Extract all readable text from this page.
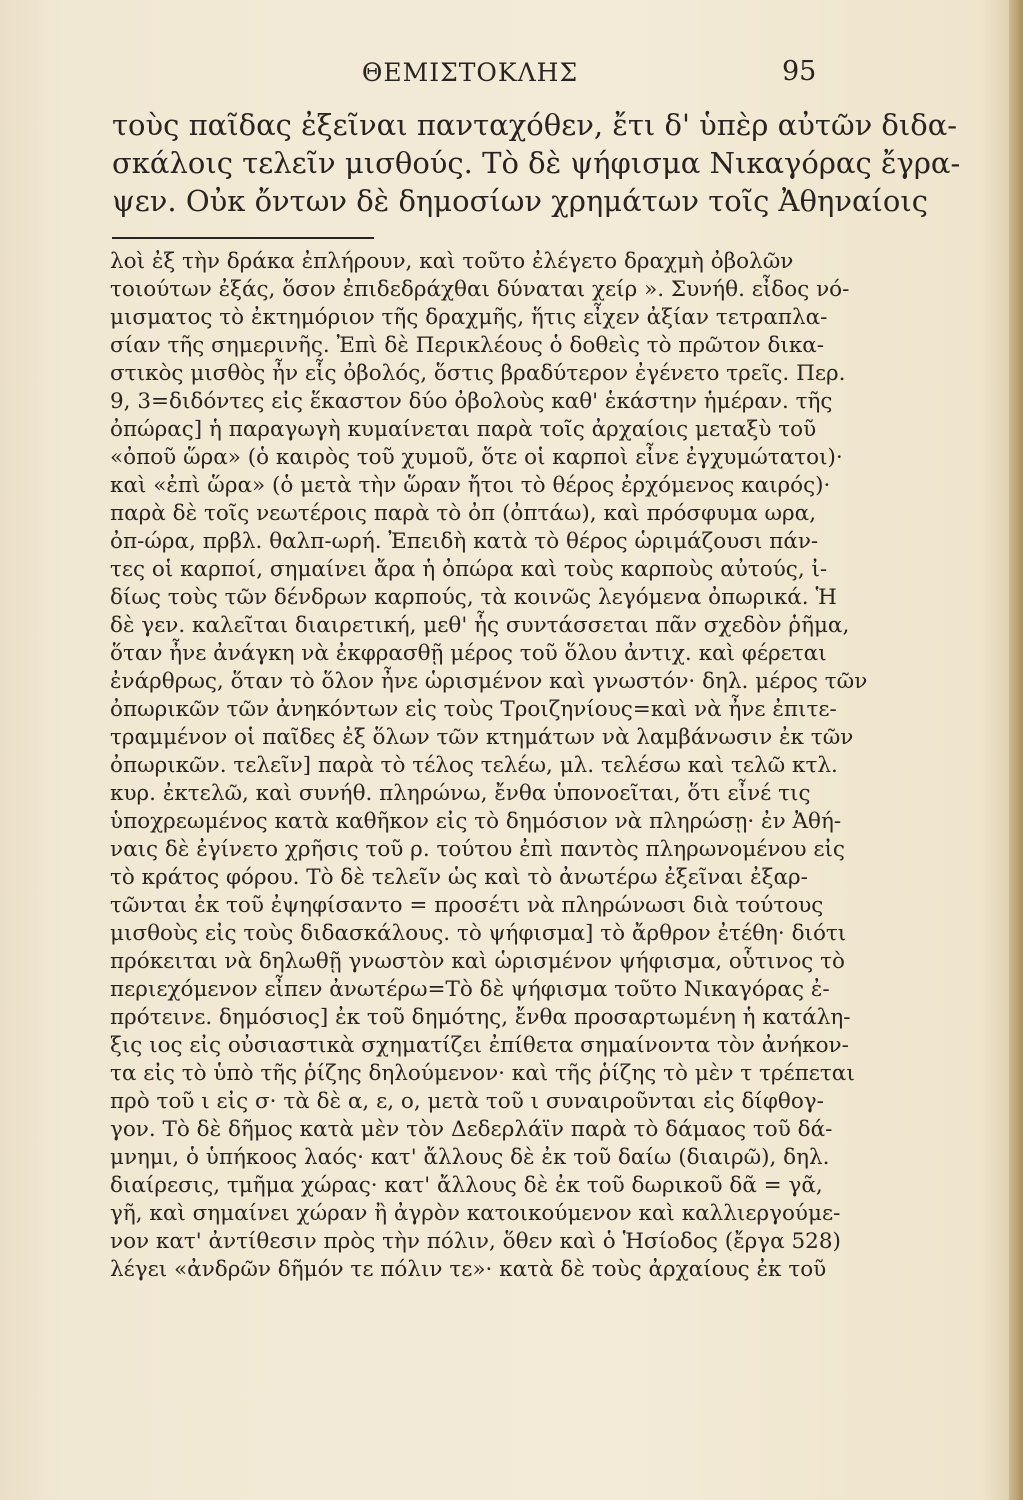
ΘΕΜΙΣΤΟΚΛΗΣ	95
τοὺς παῖδας ἐξεῖναι πανταχόθεν, ἔτι δ' ὑπὲρ αὐτῶν διδα-
σκάλοις τελεῖν μισθούς. Τὸ δὲ ψήφισμα Νικαγόρας ἔγρα-
ψεν. Οὐκ ὄντων δὲ δημοσίων χρημάτων τοῖς Ἀθηναίοις
λοὶ ἐξ τὴν δράκα ἐπλήρουν, καὶ τοῦτο ἐλέγετο δραχμὴ ὀβολῶν
τοιούτων ἐξάς, ὅσον ἐπιδεδράχθαι δύναται χείρ ». Συνήθ. εἶδος νό-
μισματος τὸ ἐκτημόριον τῆς δραχμῆς, ἥτις εἶχεν ἀξίαν τετραπλα-
σίαν τῆς σημερινῆς. Ἐπὶ δὲ Περικλέους ὁ δοθεὶς τὸ πρῶτον δικα-
στικὸς μισθὸς ἦν εἷς ὀβολός, ὅστις βραδύτερον ἐγένετο τρεῖς. Περ.
9, 3=διδόντες εἰς ἕκαστον δύο ὀβολοὺς καθ' ἑκάστην ἡμέραν. τῆς
ὀπώρας] ἡ παραγωγὴ κυμαίνεται παρὰ τοῖς ἀρχαίοις μεταξὺ τοῦ
«ὀποῦ ὥρα» (ὁ καιρὸς τοῦ χυμοῦ, ὅτε οἱ καρποὶ εἶνε ἐγχυμώτατοι)·
καὶ «ἐπὶ ὥρα» (ὁ μετὰ τὴν ὥραν ἤτοι τὸ θέρος ἐρχόμενος καιρός)·
παρὰ δὲ τοῖς νεωτέροις παρὰ τὸ ὀπ (ὀπτάω), καὶ πρόσφυμα ωρα,
ὀπ-ώρα, πρβλ. θαλπ-ωρή. Ἐπειδὴ κατὰ τὸ θέρος ὡριμάζουσι πάν-
τες οἱ καρποί, σημαίνει ἄρα ἡ ὀπώρα καὶ τοὺς καρποὺς αὐτούς, ἰ-
δίως τοὺς τῶν δένδρων καρπούς, τὰ κοινῶς λεγόμενα ὀπωρικά. Ἡ
δὲ γεν. καλεῖται διαιρετική, μεθ' ἧς συντάσσεται πᾶν σχεδὸν ῥῆμα,
ὅταν ἦνε ἀνάγκη νὰ ἐκφρασθῇ μέρος τοῦ ὅλου ἀντιχ. καὶ φέρεται
ἐνάρθρως, ὅταν τὸ ὅλον ἦνε ὡρισμένον καὶ γνωστόν· δηλ. μέρος τῶν
ὀπωρικῶν τῶν ἀνηκόντων εἰς τοὺς Τροιζηνίους=καὶ νὰ ἦνε ἐπιτε-
τραμμένον οἱ παῖδες ἐξ ὅλων τῶν κτημάτων νὰ λαμβάνωσιν ἐκ τῶν
ὀπωρικῶν. τελεῖν] παρὰ τὸ τέλος τελέω, μλ. τελέσω καὶ τελῶ κτλ.
κυρ. ἐκτελῶ, καὶ συνήθ. πληρώνω, ἔνθα ὑπονοεῖται, ὅτι εἶνέ τις
ὑποχρεωμένος κατὰ καθῆκον εἰς τὸ δημόσιον νὰ πληρώσῃ· ἐν Ἀθή-
ναις δὲ ἐγίνετο χρῆσις τοῦ ρ. τούτου ἐπὶ παντὸς πληρωνομένου εἰς
τὸ κράτος φόρου. Τὸ δὲ τελεῖν ὡς καὶ τὸ ἀνωτέρω ἐξεῖναι ἐξαρ-
τῶνται ἐκ τοῦ ἐψηφίσαντο = προσέτι νὰ πληρώνωσι διὰ τούτους
μισθοὺς εἰς τοὺς διδασκάλους. τὸ ψήφισμα] τὸ ἄρθρον ἐτέθη· διότι
πρόκειται νὰ δηλωθῇ γνωστὸν καὶ ὡρισμένον ψήφισμα, οὗτινος τὸ
περιεχόμενον εἶπεν ἀνωτέρω=Τὸ δὲ ψήφισμα τοῦτο Νικαγόρας ἐ-
πρότεινε. δημόσιος] ἐκ τοῦ δημότης, ἔνθα προσαρτωμένη ἡ κατάλη-
ξις ιος εἰς οὐσιαστικὰ σχηματίζει ἐπίθετα σημαίνοντα τὸν ἀνήκον-
τα εἰς τὸ ὑπὸ τῆς ῥίζης δηλούμενον· καὶ τῆς ῥίζης τὸ μὲν τ τρέπεται
πρὸ τοῦ ι εἰς σ· τὰ δὲ α, ε, ο, μετὰ τοῦ ι συναιροῦνται εἰς δίφθογ-
γον. Τὸ δὲ δῆμος κατὰ μὲν τὸν Δεδερλάϊν παρὰ τὸ δάμαος τοῦ δά-
μνημι, ὁ ὑπήκοος λαός· κατ' ἄλλους δὲ ἐκ τοῦ δαίω (διαιρῶ), δηλ.
διαίρεσις, τμῆμα χώρας· κατ' ἄλλους δὲ ἐκ τοῦ δωρικοῦ δᾶ = γᾶ,
γῆ, καὶ σημαίνει χώραν ἢ ἀγρὸν κατοικούμενον καὶ καλλιεργούμε-
νον κατ' ἀντίθεσιν πρὸς τὴν πόλιν, ὅθεν καὶ ὁ Ἡσίοδος (ἔργα 528)
λέγει «ἀνδρῶν δῆμόν τε πόλιν τε»· κατὰ δὲ τοὺς ἀρχαίους ἐκ τοῦ
